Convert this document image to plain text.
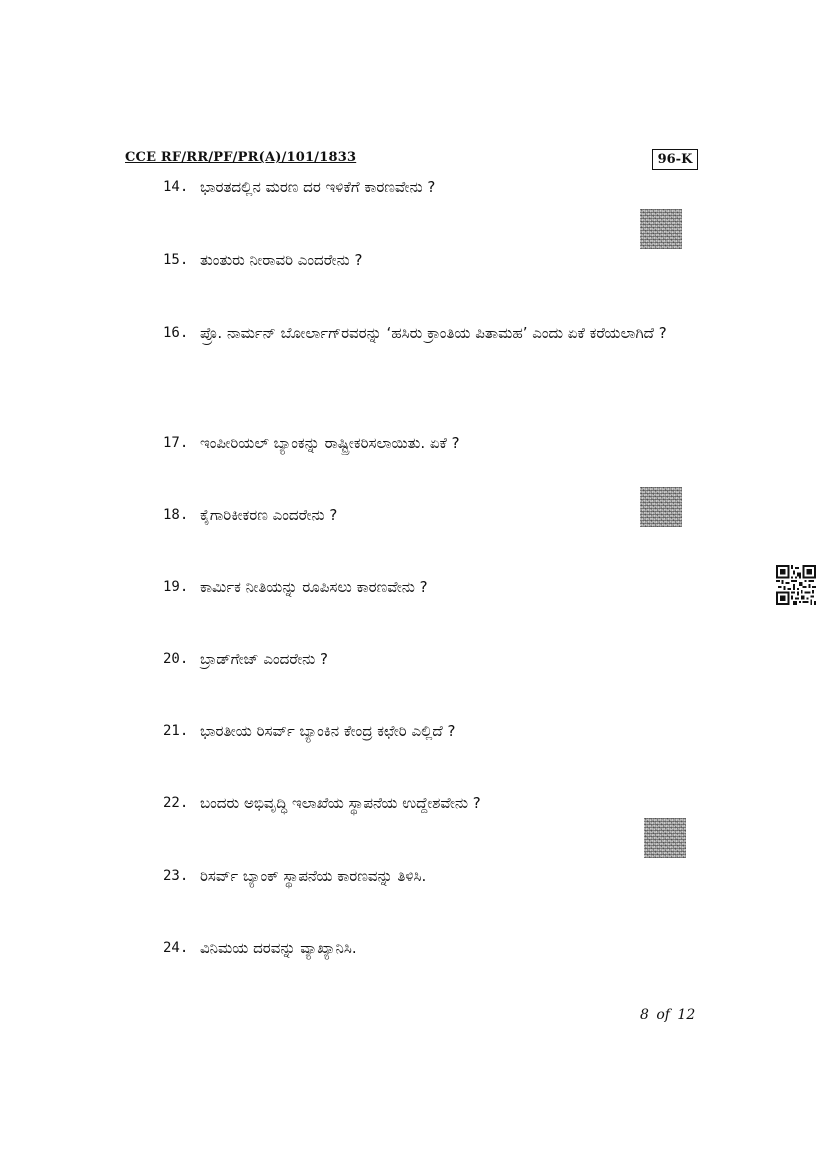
CCE RF/RR/PF/PR(A)/101/1833	96-K
14. ಭಾರತದಲ್ಲಿನ ಮರಣ ದರ ಇಳಿಕೆಗೆ ಕಾರಣವೇನು ?
15. ತುಂತುರು ನೀರಾವರಿ ಎಂದರೇನು ?
16. ಪ್ರೊ. ನಾರ್ಮನ್ ಬೋರ್ಲಾಗ್‌ರವರನ್ನು ‘ಹಸಿರು ಕ್ರಾಂತಿಯ ಪಿತಾಮಹ’ ಎಂದು ಏಕೆ ಕರೆಯಲಾಗಿದೆ ?
17. ಇಂಪೀರಿಯಲ್ ಬ್ಯಾಂಕನ್ನು ರಾಷ್ಟ್ರೀಕರಿಸಲಾಯಿತು. ಏಕೆ ?
18. ಕೈಗಾರಿಕೀಕರಣ ಎಂದರೇನು ?
19. ಕಾರ್ಮಿಕ ನೀತಿಯನ್ನು ರೂಪಿಸಲು ಕಾರಣವೇನು ?
20. ಬ್ರಾಡ್‌ಗೇಜ್ ಎಂದರೇನು ?
21. ಭಾರತೀಯ ರಿಸರ್ವ್ ಬ್ಯಾಂಕಿನ ಕೇಂದ್ರ ಕಛೇರಿ ಎಲ್ಲಿದೆ ?
22. ಬಂದರು ಅಭಿವೃದ್ಧಿ ಇಲಾಖೆಯ ಸ್ಥಾಪನೆಯ ಉದ್ದೇಶವೇನು ?
23. ರಿಸರ್ವ್ ಬ್ಯಾಂಕ್ ಸ್ಥಾಪನೆಯ ಕಾರಣವನ್ನು ತಿಳಿಸಿ.
24. ವಿನಿಮಯ ದರವನ್ನು ವ್ಯಾಖ್ಯಾನಿಸಿ.
8 of 12
